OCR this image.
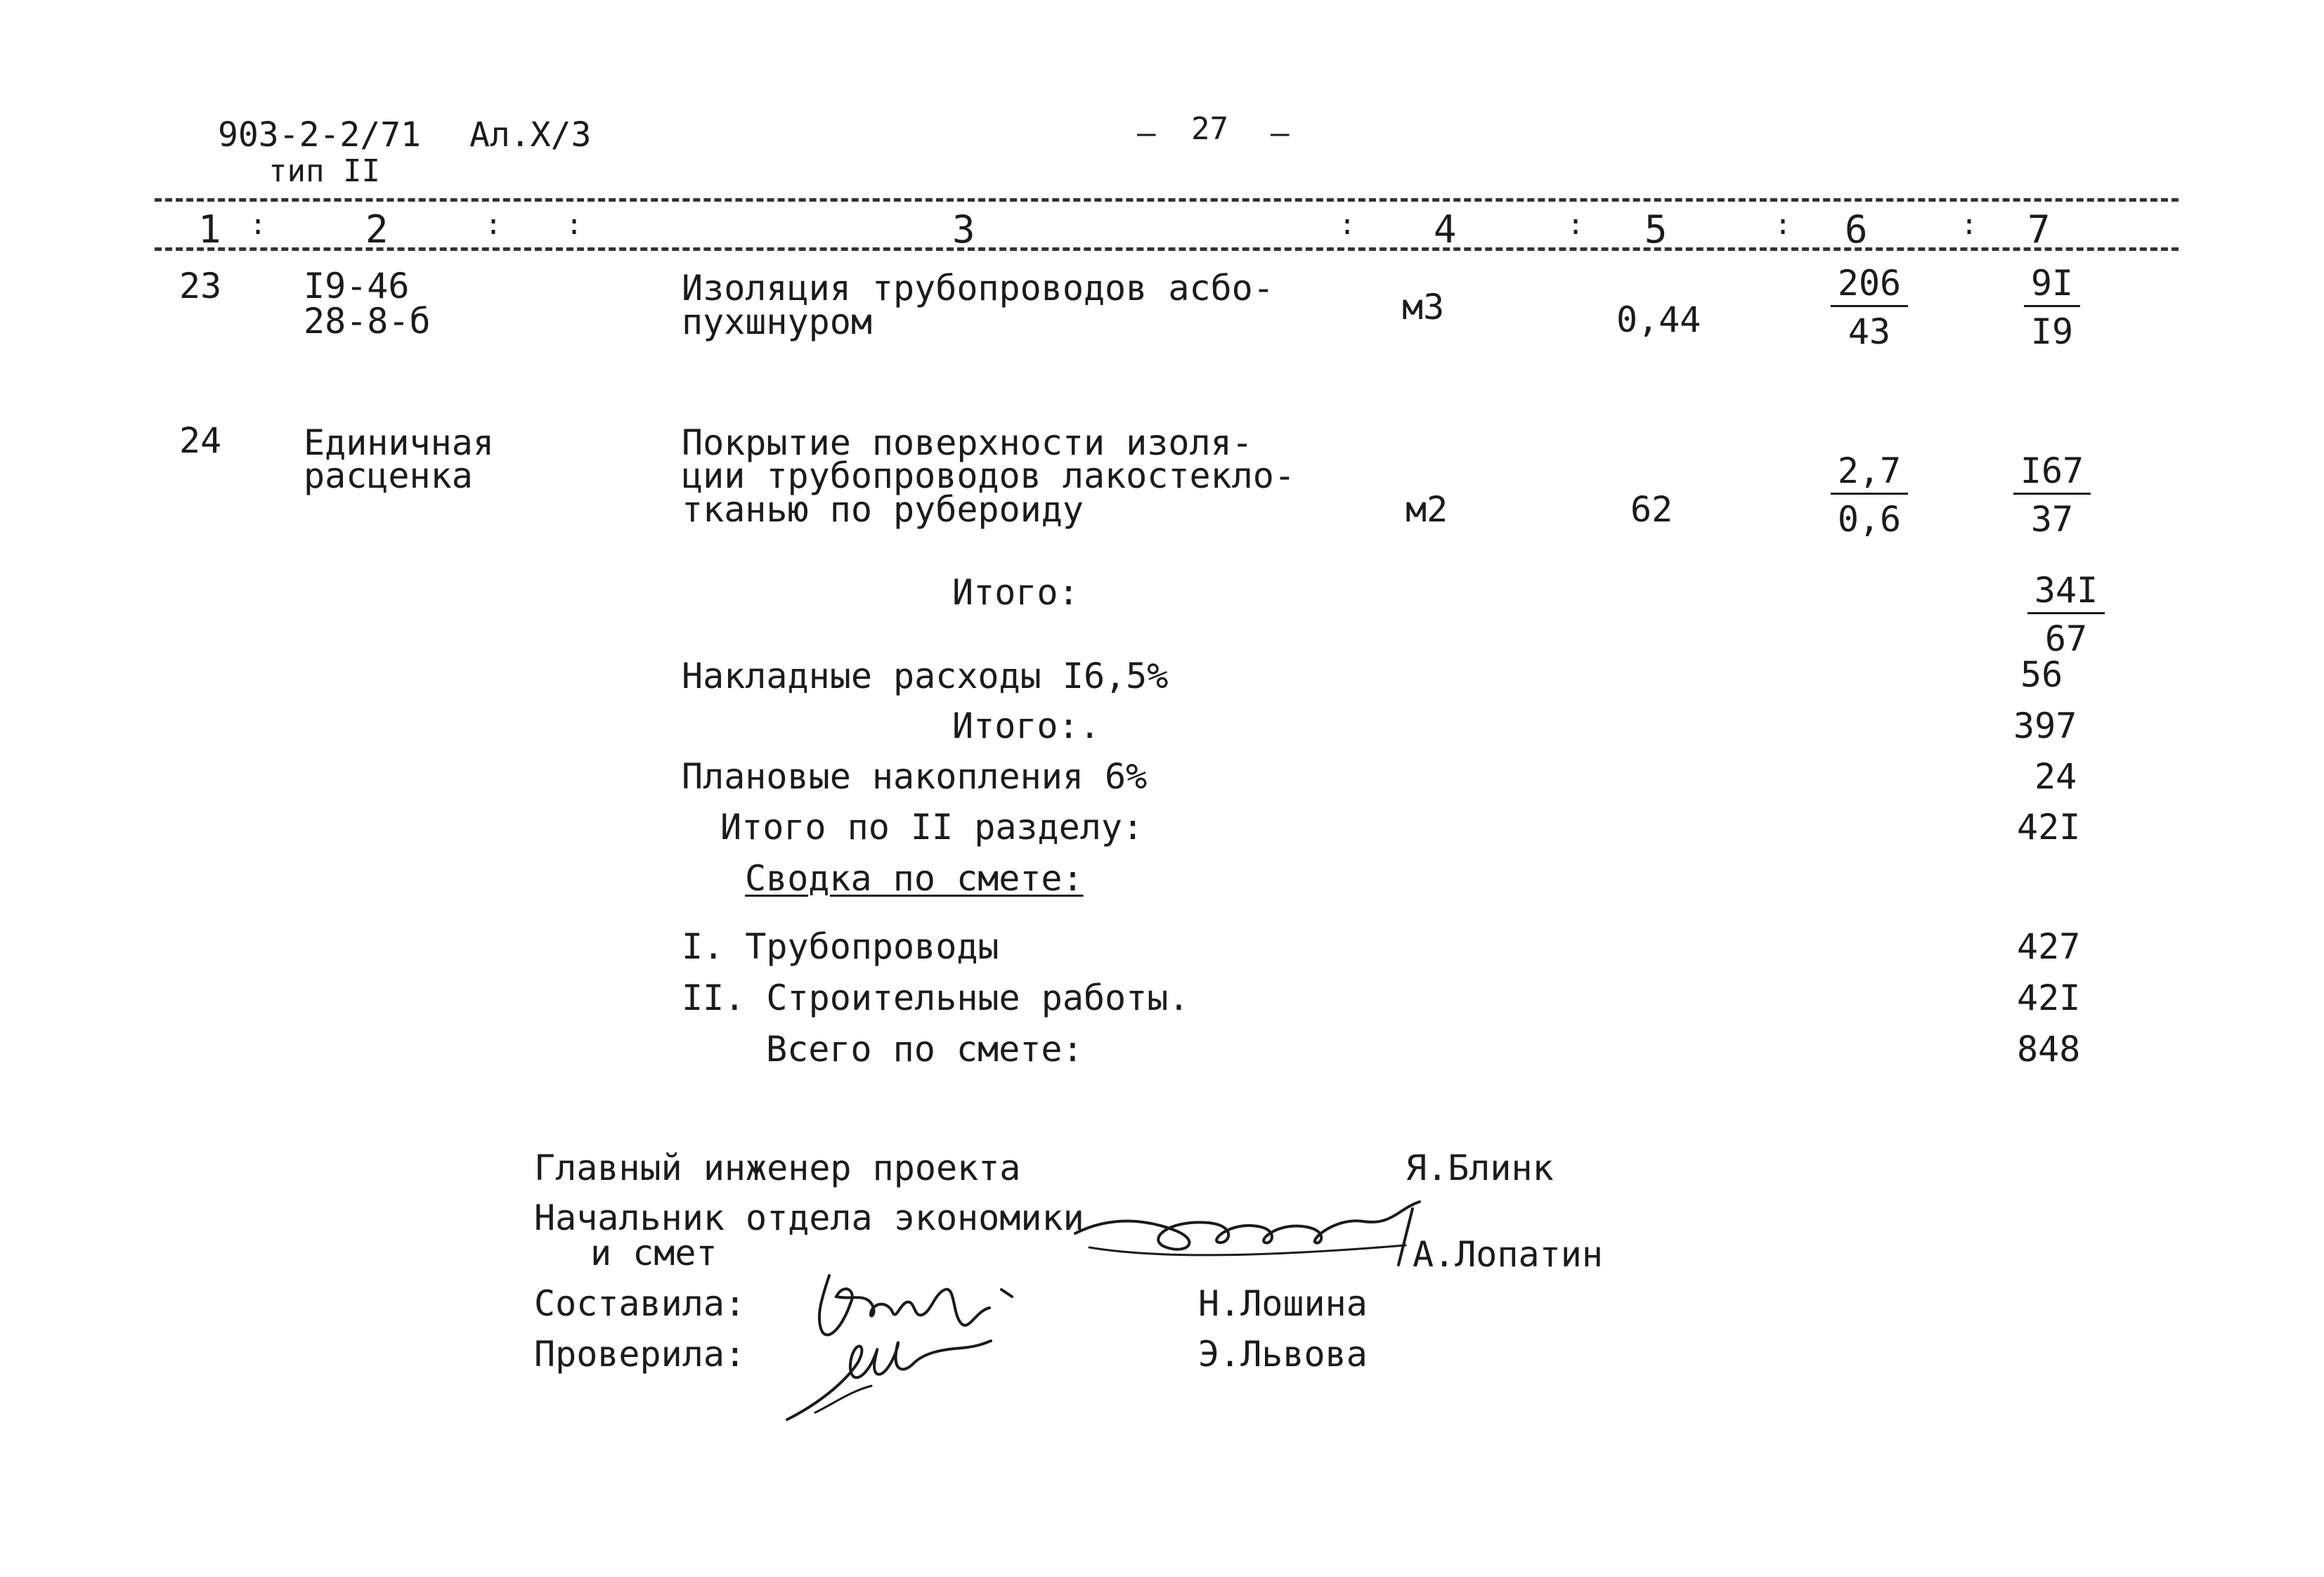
903-2-2/71 Ал.X/3
тип II
– 27 –
1 :	2	: :	3	: 4	: 5	: 6	: 7
23 I9-46
28-8-б
Изоляция трубопроводов асбо-
пухшнуром	м3	0,44	$\frac{206}{43} \frac{9I}{I9}$
24 Единичная
расценка
Покрытие поверхности изоля-
ции трубопроводов лакостекло-
тканью по рубероиду	м2	62	$\frac{2,7}{0,6} \frac{I67}{37}$
Итого:	$\frac{34I}{67}$
Накладные расходы I6,5%	56
Итого:.	397
Плановые накопления 6%	24
Итого по II разделу:	42I
Сводка по смете:
I. Трубопроводы	427
II. Строительные работы.	42I
Всего по смете:	848
Главный инженер проекта	Я.Блинк
Начальник отдела экономики
и смет	А.Лопатин
Составила:	Н.Лошина
Проверила:	Э.Львова
